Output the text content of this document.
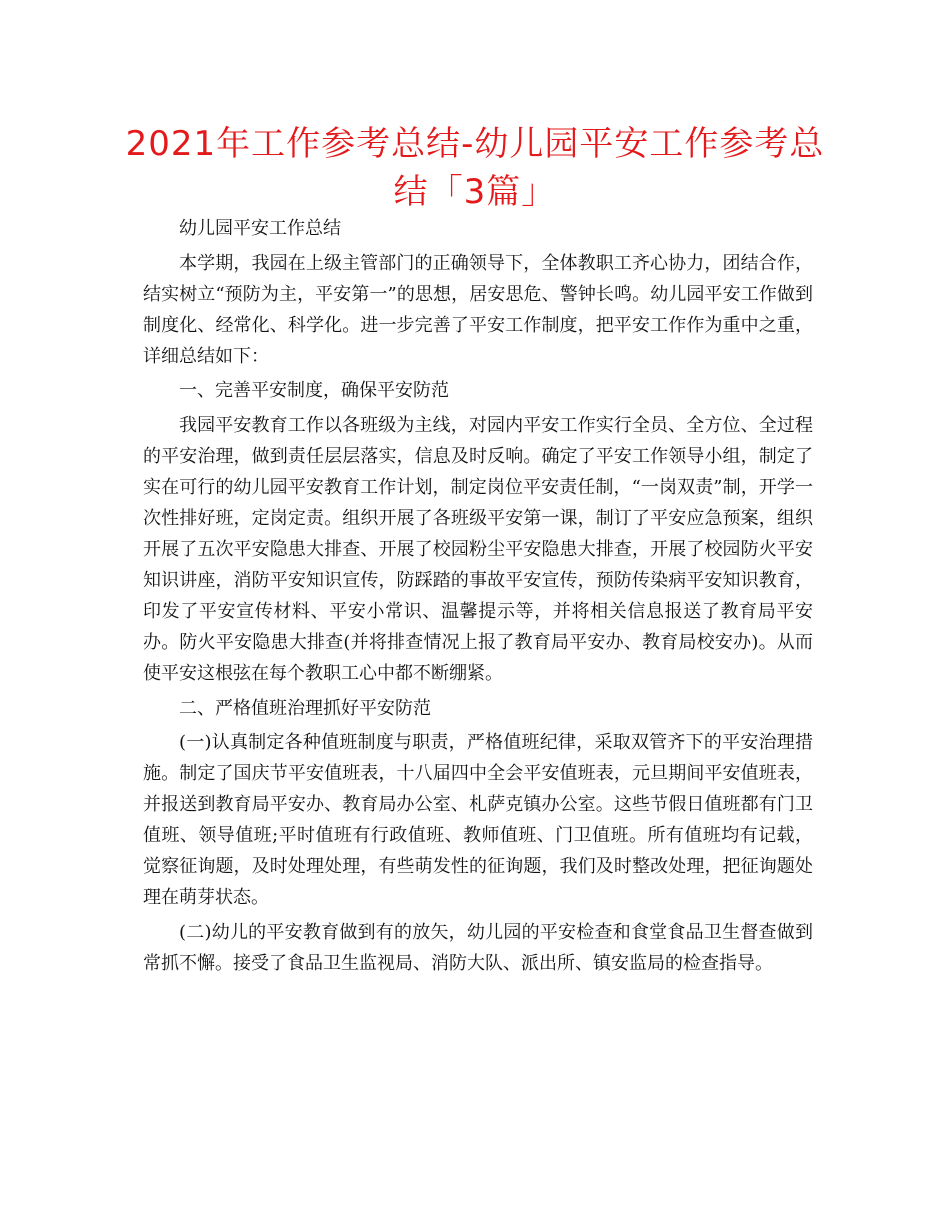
2021年工作参考总结-幼儿园平安工作参考总结「3篇」

幼儿园平安工作总结

本学期，我园在上级主管部门的正确领导下，全体教职工齐心协力，团结合作，结实树立“预防为主，平安第一”的思想，居安思危、警钟长鸣。幼儿园平安工作做到制度化、经常化、科学化。进一步完善了平安工作制度，把平安工作作为重中之重，详细总结如下：

一、完善平安制度，确保平安防范

我园平安教育工作以各班级为主线，对园内平安工作实行全员、全方位、全过程的平安治理，做到责任层层落实，信息及时反响。确定了平安工作领导小组，制定了实在可行的幼儿园平安教育工作计划，制定岗位平安责任制，“一岗双责”制，开学一次性排好班，定岗定责。组织开展了各班级平安第一课，制订了平安应急预案，组织开展了五次平安隐患大排查、开展了校园粉尘平安隐患大排查，开展了校园防火平安知识讲座，消防平安知识宣传，防踩踏的事故平安宣传，预防传染病平安知识教育，印发了平安宣传材料、平安小常识、温馨提示等，并将相关信息报送了教育局平安办。防火平安隐患大排查(并将排查情况上报了教育局平安办、教育局校安办)。从而使平安这根弦在每个教职工心中都不断绷紧。

二、严格值班治理抓好平安防范

(一)认真制定各种值班制度与职责，严格值班纪律，采取双管齐下的平安治理措施。制定了国庆节平安值班表，十八届四中全会平安值班表，元旦期间平安值班表，并报送到教育局平安办、教育局办公室、札萨克镇办公室。这些节假日值班都有门卫值班、领导值班;平时值班有行政值班、教师值班、门卫值班。所有值班均有记载，觉察征询题，及时处理处理，有些萌发性的征询题，我们及时整改处理，把征询题处理在萌芽状态。

(二)幼儿的平安教育做到有的放矢，幼儿园的平安检查和食堂食品卫生督查做到常抓不懈。接受了食品卫生监视局、消防大队、派出所、镇安监局的检查指导。
